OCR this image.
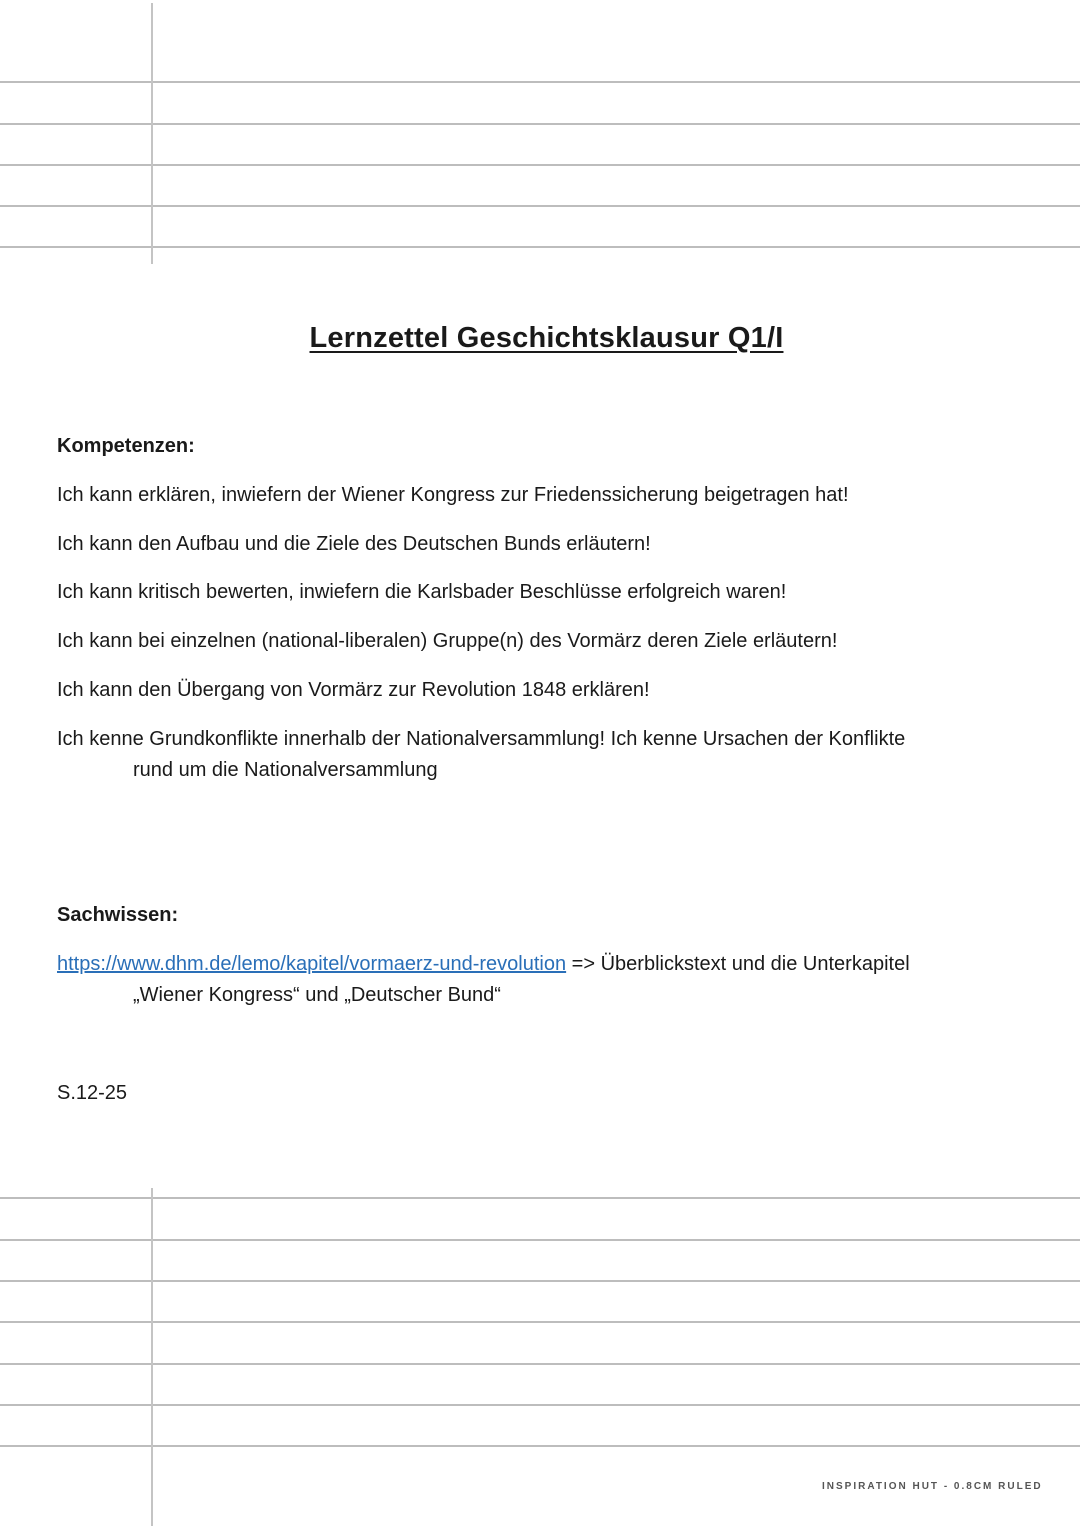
Lernzettel Geschichtsklausur Q1/I
Kompetenzen:
Ich kann erklären, inwiefern der Wiener Kongress zur Friedenssicherung beigetragen hat!
Ich kann den Aufbau und die Ziele des Deutschen Bunds erläutern!
Ich kann kritisch bewerten, inwiefern die Karlsbader Beschlüsse erfolgreich waren!
Ich kann bei einzelnen (national-liberalen) Gruppe(n) des Vormärz deren Ziele erläutern!
Ich kann den Übergang von Vormärz zur Revolution 1848 erklären!
Ich kenne Grundkonflikte innerhalb der Nationalversammlung! Ich kenne Ursachen der Konflikte
rund um die Nationalversammlung
Sachwissen:
https://www.dhm.de/lemo/kapitel/vormaerz-und-revolution => Überblickstext und die Unterkapitel
„Wiener Kongress“ und „Deutscher Bund“
S.12-25
INSPIRATION HUT - 0.8CM RULED
